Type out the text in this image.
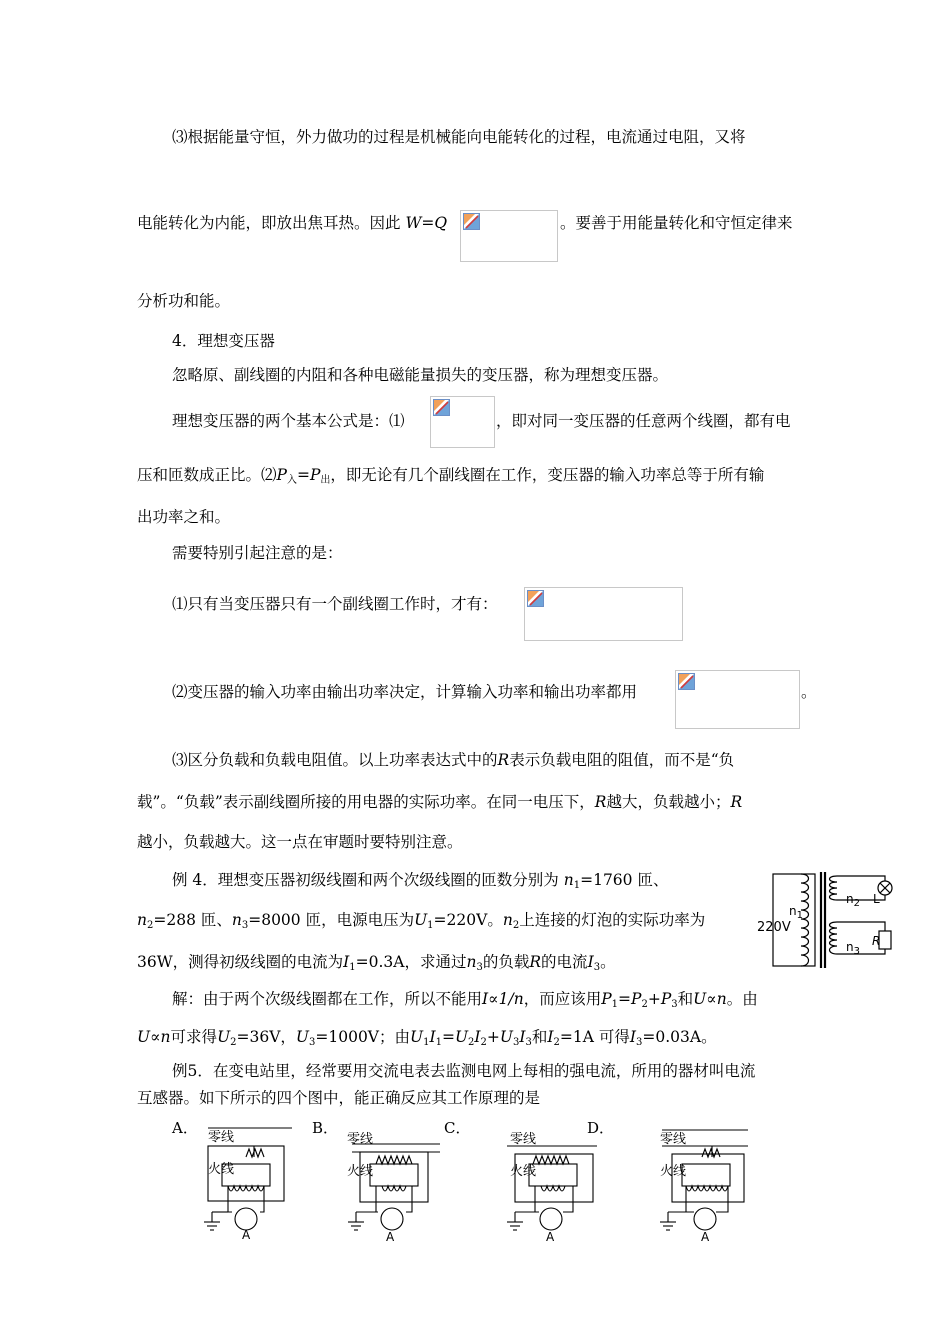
⑶根据能量守恒，外力做功的过程是机械能向电能转化的过程，电流通过电阻，又将
电能转化为内能，即放出焦耳热。因此 W=Q	。要善于用能量转化和守恒定律来
分析功和能。
4．理想变压器
忽略原、副线圈的内阻和各种电磁能量损失的变压器，称为理想变压器。
理想变压器的两个基本公式是：⑴	，即对同一变压器的任意两个线圈，都有电
压和匝数成正比。$⑵P_入=P_出$，即无论有几个副线圈在工作，变压器的输入功率总等于所有输
出功率之和。
需要特别引起注意的是：
⑴只有当变压器只有一个副线圈工作时，才有：
⑵变压器的输入功率由输出功率决定，计算输入功率和输出功率都用	。
⑶区分负载和负载电阻值。以上功率表达式中的R表示负载电阻的阻值，而不是“负
载”。“负载”表示副线圈所接的用电器的实际功率。在同一电压下，R越大，负载越小；R
越小，负载越大。这一点在审题时要特别注意。
例 4．理想变压器初级线圈和两个次级线圈的匝数分别为 $n_1=1760$ 匝、
$n_2=288$ 匝、$n_3=8000$ 匝，电源电压为$U_1=220V$。$n_2$上连接的灯泡的实际功率为
36W，测得初级线圈的电流为$I_1=0.3A$，求通过$n_3$的负载R的电流$I_3$。
220V
$n_1$
$n_2$
$n_3$
L
R
解：由于两个次级线圈都在工作，所以不能用I∝1/n，而应该用$P_1=P_2+P_3$和U∝n。由
U∝n可求得$U_2=36V$，$U_3=1000V$；由$U_1I_1=U_2I_2+U_3I_3$和$I_2=1A$ 可得$I_3=0.03A$。
例5．在变电站里，经常要用交流电表去监测电网上每相的强电流，所用的器材叫电流
互感器。如下所示的四个图中，能正确反应其工作原理的是
A．	B．	C．	D．
零线
火线
A
零线
火线
A
零线
火线
A
零线
火线
A
